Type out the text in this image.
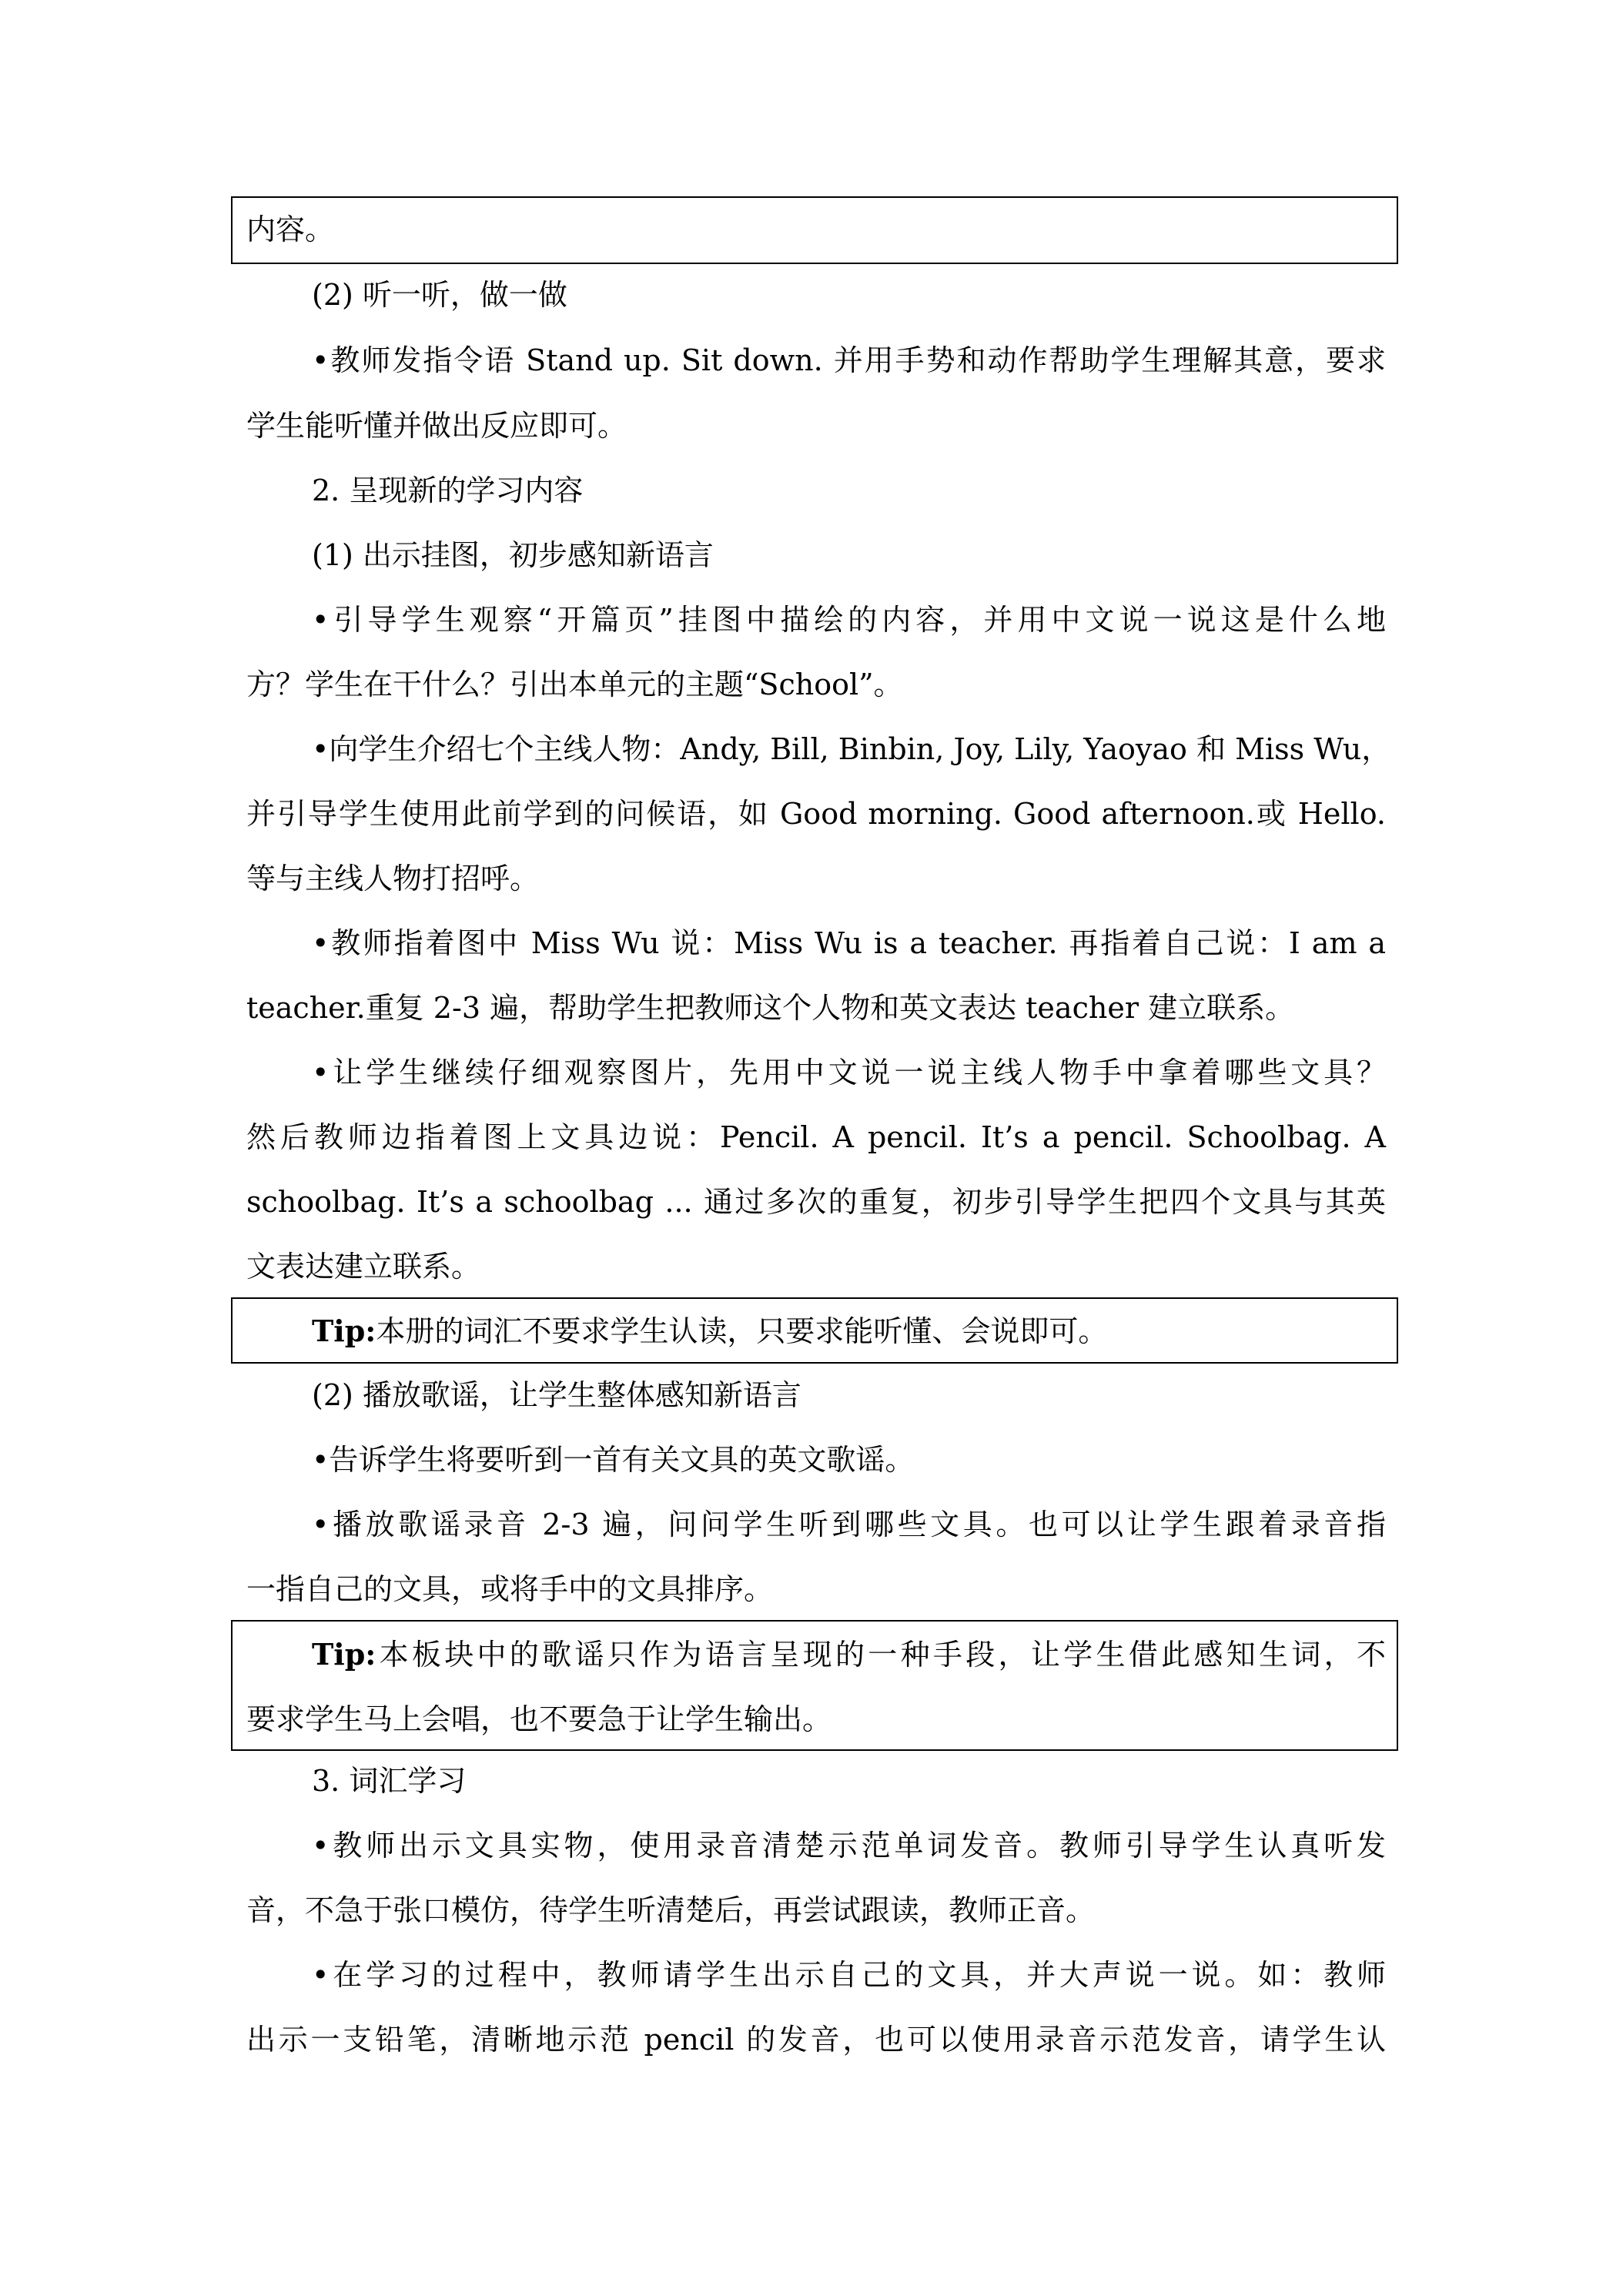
内容。
(2) 听一听，做一做
•教师发指令语 Stand up. Sit down. 并用手势和动作帮助学生理解其意，要求
学生能听懂并做出反应即可。
2. 呈现新的学习内容
(1) 出示挂图，初步感知新语言
•引导学生观察“开篇页”挂图中描绘的内容，并用中文说一说这是什么地
方？学生在干什么？引出本单元的主题“School”。
•向学生介绍七个主线人物：Andy, Bill, Binbin, Joy, Lily, Yaoyao 和 Miss Wu，
并引导学生使用此前学到的问候语，如 Good morning. Good afternoon.或 Hello.
等与主线人物打招呼。
•教师指着图中 Miss Wu 说：Miss Wu is a teacher. 再指着自己说：I am a
teacher.重复 2-3 遍，帮助学生把教师这个人物和英文表达 teacher 建立联系。
•让学生继续仔细观察图片，先用中文说一说主线人物手中拿着哪些文具？
然后教师边指着图上文具边说：Pencil. A pencil. It’s a pencil. Schoolbag. A
schoolbag. It’s a schoolbag ... 通过多次的重复，初步引导学生把四个文具与其英
文表达建立联系。
Tip:本册的词汇不要求学生认读，只要求能听懂、会说即可。
(2) 播放歌谣，让学生整体感知新语言
•告诉学生将要听到一首有关文具的英文歌谣。
•播放歌谣录音 2-3 遍，问问学生听到哪些文具。也可以让学生跟着录音指
一指自己的文具，或将手中的文具排序。
Tip:本板块中的歌谣只作为语言呈现的一种手段，让学生借此感知生词，不
要求学生马上会唱，也不要急于让学生输出。
3. 词汇学习
•教师出示文具实物，使用录音清楚示范单词发音。教师引导学生认真听发
音，不急于张口模仿，待学生听清楚后，再尝试跟读，教师正音。
•在学习的过程中，教师请学生出示自己的文具，并大声说一说。如：教师
出示一支铅笔，清晰地示范 pencil 的发音，也可以使用录音示范发音，请学生认
